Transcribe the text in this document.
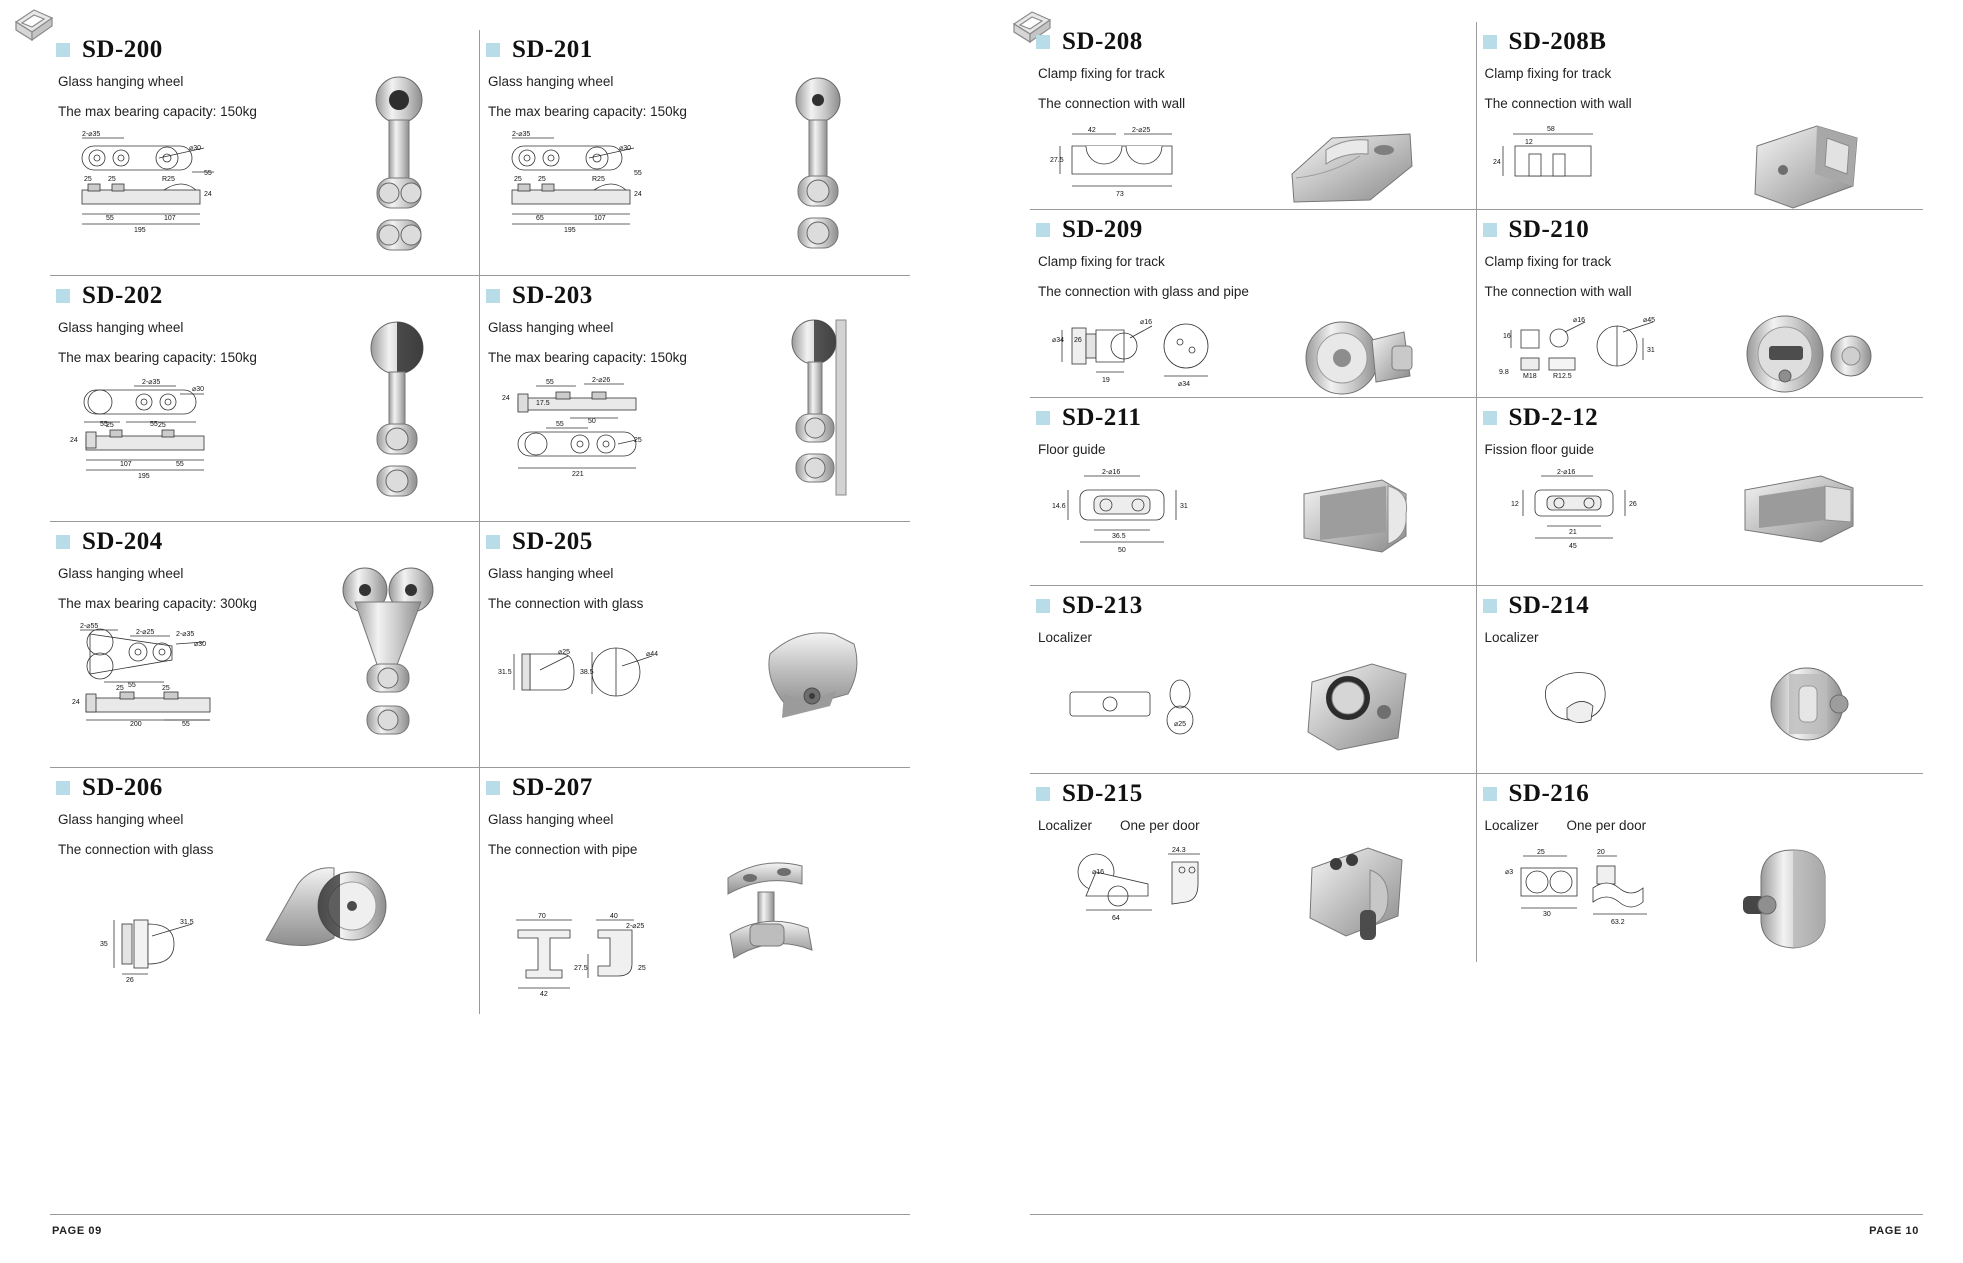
SD-200
Glass hanging wheel
The max bearing capacity: 150kg
2-⌀35
⌀30
55
25 25	R25
24
55	107
195
SD-201
Glass hanging wheel
The max bearing capacity: 150kg
2-⌀35
⌀30
55
25 25	R25
24
65	107
195
SD-202
Glass hanging wheel
The max bearing capacity: 150kg
2-⌀35
⌀30
55	55
25	25
24
107	55
195
SD-203
Glass hanging wheel
The max bearing capacity: 150kg
55	2-⌀26
24
17.5
50
55
25
221
SD-204
Glass hanging wheel
The max bearing capacity: 300kg
2-⌀55
2-⌀25	2-⌀35
⌀30
55
25	25
24
200	55
SD-205
Glass hanging wheel
The connection with glass
31.5
⌀25
38.5
⌀44
SD-206
Glass hanging wheel
The connection with glass
35
26
31.5
SD-207
Glass hanging wheel
The connection with pipe
70	40
2-⌀25
27.5
42
25
PAGE 09
SD-208
Clamp fixing for track
The connection with wall
42	2-⌀25
27.5
73
SD-208B
Clamp fixing for track
The connection with wall
58
12
24
SD-209
Clamp fixing for track
The connection with glass and pipe
⌀16
⌀34 26
19
⌀34
SD-210
Clamp fixing for track
The connection with wall
⌀16
16
M18 R12.5
9.8
⌀45
31
SD-211
Floor guide
2-⌀16
14.6	31
36.5
50
SD-2-12
Fission floor guide
2-⌀16
12	26
21
45
SD-213
Localizer
⌀25
SD-214
Localizer
SD-215
Localizer One per door
⌀16
64
24.3
SD-216
Localizer One per door
25
⌀3
30
20
63.2
PAGE 10
